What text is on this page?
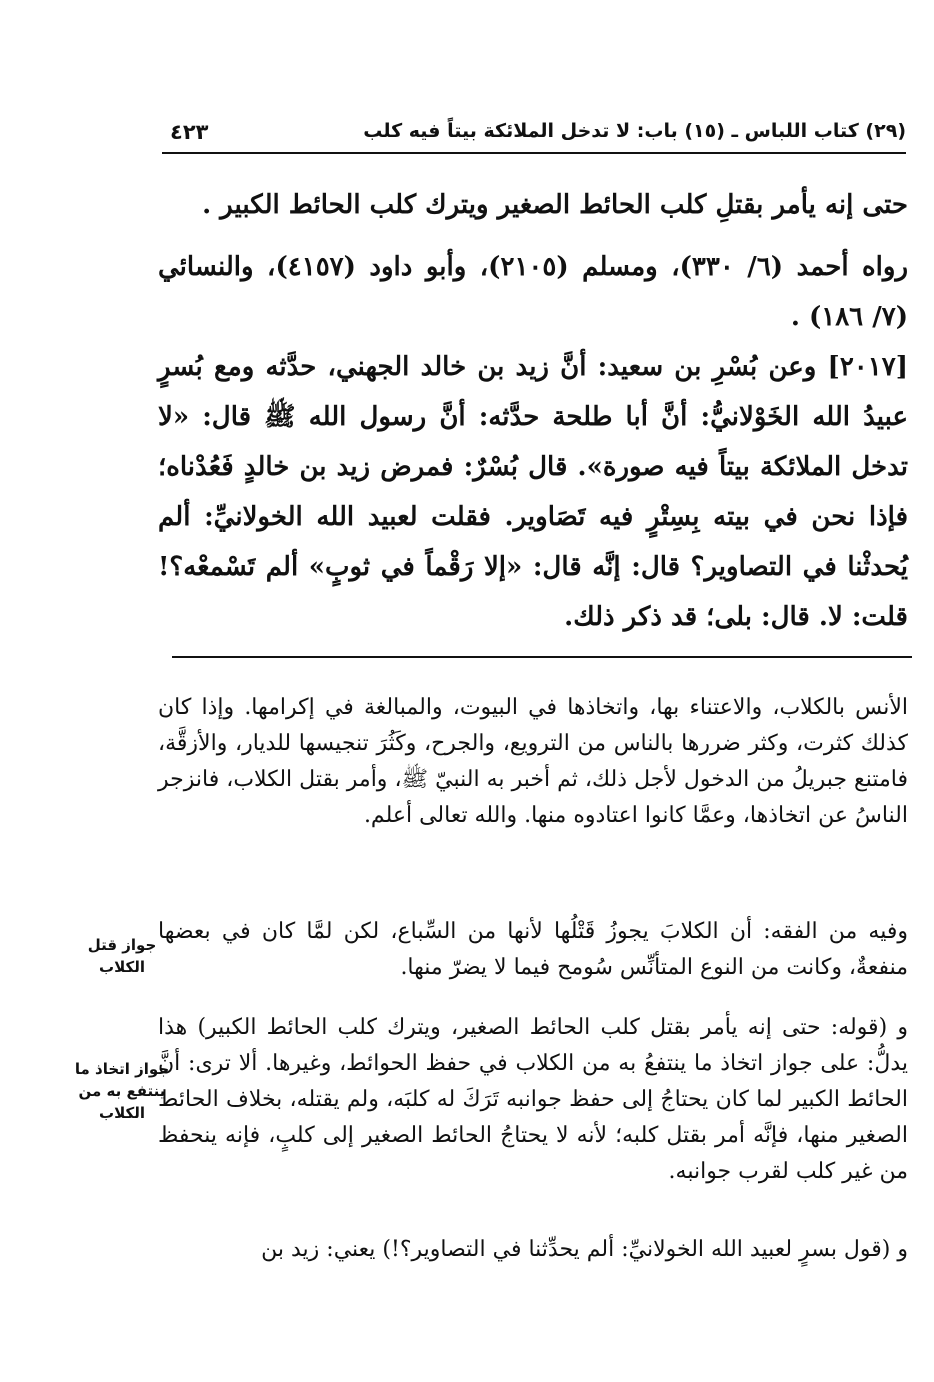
(٢٩) كتاب اللباس ـ (١٥) باب: لا تدخل الملائكة بيتاً فيه كلب
٤٢٣

حتى إنه يأمر بقتلِ كلب الحائط الصغير ويترك كلب الحائط الكبير .

رواه أحمد (٦/ ٣٣٠)، ومسلم (٢١٠٥)، وأبو داود (٤١٥٧)، والنسائي (٧/ ١٨٦) .

[٢٠١٧] وعن بُسْرِ بن سعيد: أنَّ زيد بن خالد الجهني، حدَّثه ومع بُسرٍ عبيدُ الله الخَوْلانيُّ: أنَّ أبا طلحة حدَّثه: أنَّ رسول الله ﷺ قال: «لا تدخل الملائكة بيتاً فيه صورة». قال بُسْرٌ: فمرض زيد بن خالدٍ فَعُدْناه؛ فإذا نحن في بيته بِسِتْرٍ فيه تَصَاوير. فقلت لعبيد الله الخولانيِّ: ألم يُحدثْنا في التصاوير؟ قال: إنَّه قال: «إلا رَقْماً في ثوبٍ» ألم تَسْمعْه؟! قلت: لا. قال: بلى؛ قد ذكر ذلك.

الأنس بالكلاب، والاعتناء بها، واتخاذها في البيوت، والمبالغة في إكرامها. وإذا كان كذلك كثرت، وكثر ضررها بالناس من الترويع، والجرح، وكَثُرَ تنجيسها للديار، والأزقَّة، فامتنع جبريلُ من الدخول لأجل ذلك، ثم أخبر به النبيّ ﷺ، وأمر بقتل الكلاب، فانزجر الناسُ عن اتخاذها، وعمَّا كانوا اعتادوه منها. والله تعالى أعلم.

وفيه من الفقه: أن الكلابَ يجوزُ قَتْلُها لأنها من السِّباع، لكن لمَّا كان في بعضها منفعةٌ، وكانت من النوع المتأنِّس سُومح فيما لا يضرّ منها.

و (قوله: حتى إنه يأمر بقتل كلب الحائط الصغير، ويترك كلب الحائط الكبير) هذا يدلُّ: على جواز اتخاذ ما ينتفعُ به من الكلاب في حفظ الحوائط، وغيرها. ألا ترى: أنَّ الحائط الكبير لما كان يحتاجُ إلى حفظ جوانبه تَرَكَ له كلبَه، ولم يقتله، بخلاف الحائط الصغير منها، فإنَّه أمر بقتل كلبه؛ لأنه لا يحتاجُ الحائط الصغير إلى كلبٍ، فإنه ينحفظ من غير كلب لقرب جوانبه.

و (قول بسرٍ لعبيد الله الخولانيِّ: ألم يحدِّثنا في التصاوير؟!) يعني: زيد بن

جواز قتل الكلاب
جواز اتخاذ ما ينتفع به من الكلاب
